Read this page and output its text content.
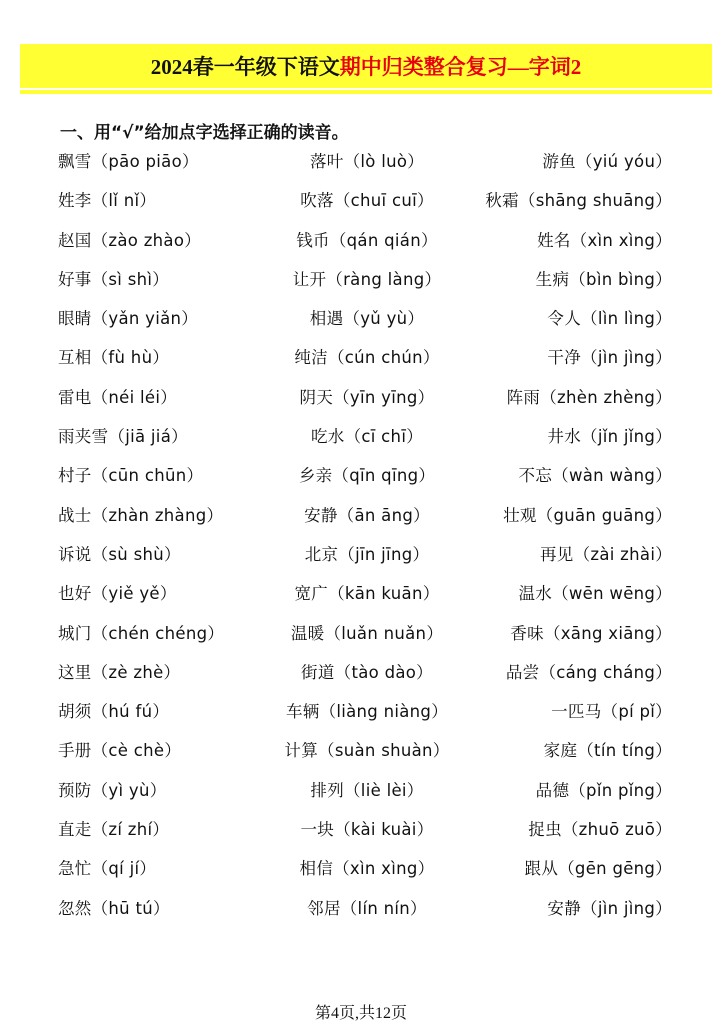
2024春一年级下语文 期中归类整合复习—字词2
一、用“√”给加点字选择正确的读音。
飘雪（pāo piāo）	落叶（lò luò）	游鱼（yiú yóu）
姓李（lǐ nǐ）	吹落（chuī cuī）	秋霜（shāng shuāng）
赵国（zào zhào）	钱币（qán qián）	姓名（xìn xìng）
好事（sì shì）	让开（ràng làng）	生病（bìn bìng）
眼睛（yǎn yiǎn）	相遇（yǔ yù）	令人（lìn lìng）
互相（fù hù）	纯洁（cún chún）	干净（jìn jìng）
雷电（néi léi）	阴天（yīn yīng）	阵雨（zhèn zhèng）
雨夹雪（jiā jiá）	吃水（cī chī）	井水（jǐn jǐng）
村子（cūn chūn）	乡亲（qīn qīng）	不忘（wàn wàng）
战士（zhàn zhàng）	安静（ān āng）	壮观（guān guāng）
诉说（sù shù）	北京（jīn jīng）	再见（zài zhài）
也好（yiě yě）	宽广（kān kuān）	温水（wēn wēng）
城门（chén chéng）	温暖（luǎn nuǎn）	香味（xāng xiāng）
这里（zè zhè）	街道（tào dào）	品尝（cáng cháng）
胡须（hú fú）	车辆（liàng niàng）	一匹马（pí pǐ）
手册（cè chè）	计算（suàn shuàn）	家庭（tín tíng）
预防（yì yù）	排列（liè lèi）	品德（pǐn pǐng）
直走（zí zhí）	一块（kài kuài）	捉虫（zhuō zuō）
急忙（qí jí）	相信（xìn xìng）	跟从（gēn gēng）
忽然（hū tú）	邻居（lín nín）	安静（jìn jìng）
第4页,共12页
